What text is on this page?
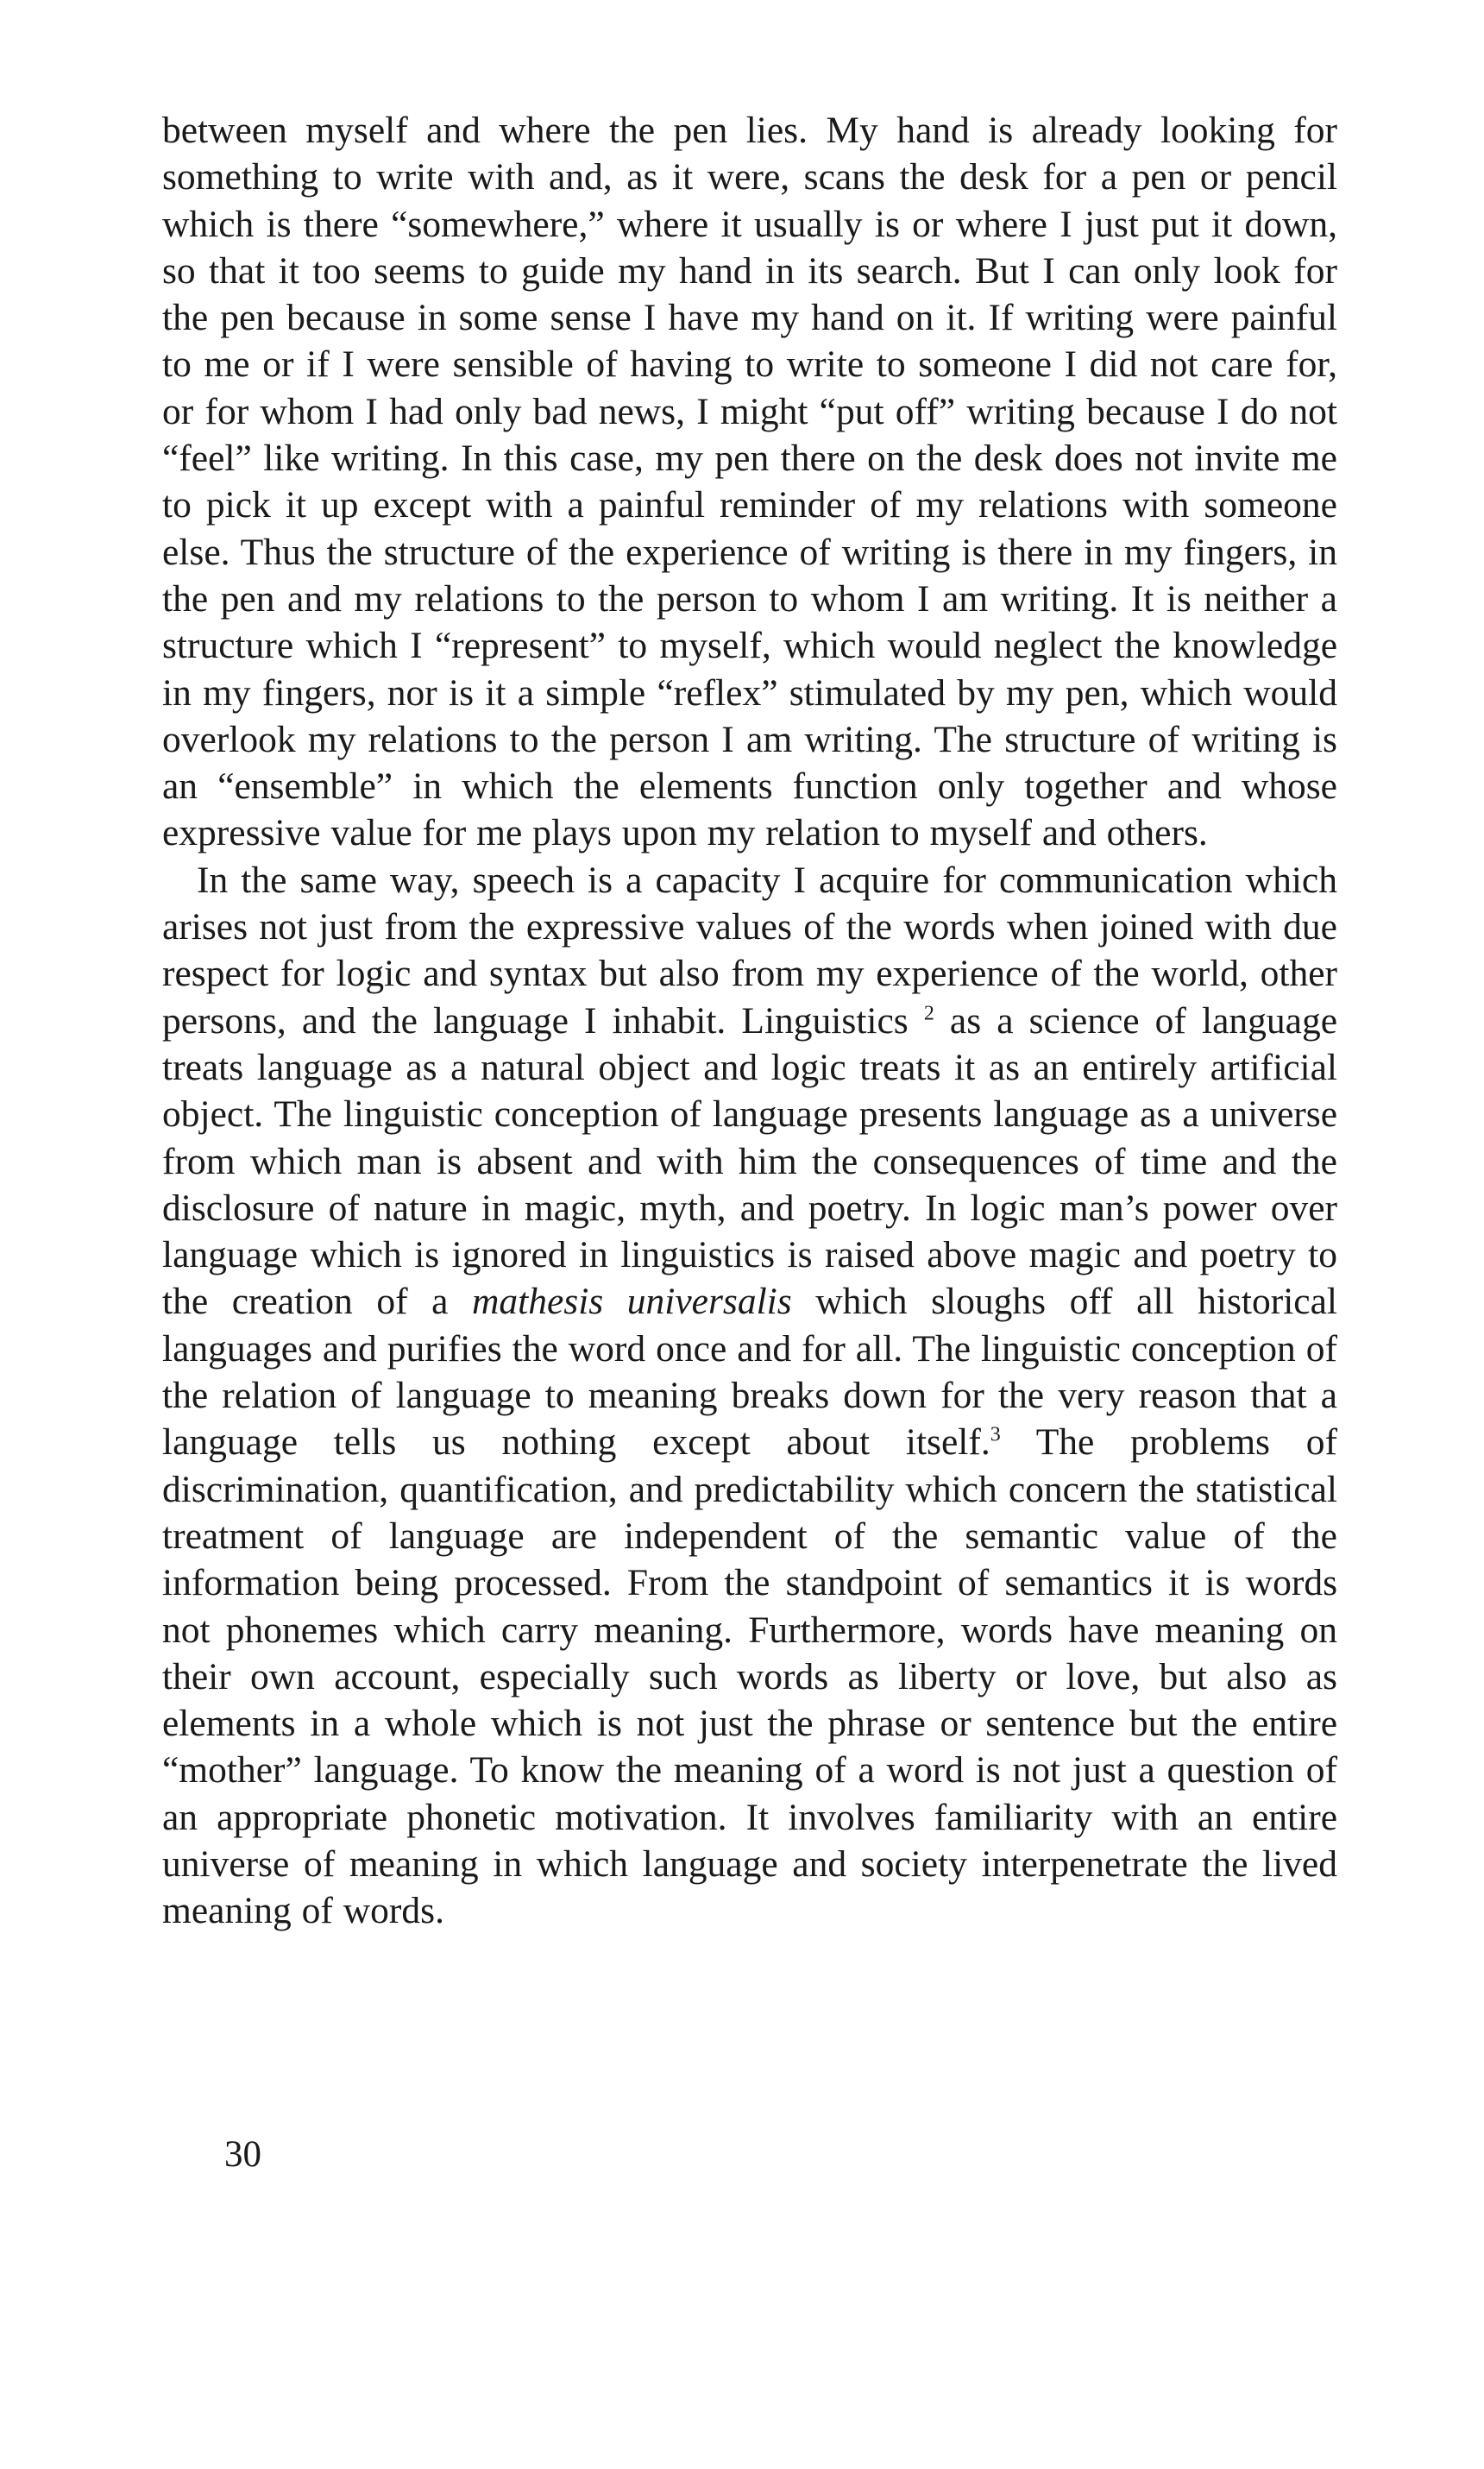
between myself and where the pen lies. My hand is already looking for something to write with and, as it were, scans the desk for a pen or pencil which is there “somewhere,” where it usually is or where I just put it down, so that it too seems to guide my hand in its search. But I can only look for the pen because in some sense I have my hand on it. If writing were painful to me or if I were sensible of having to write to someone I did not care for, or for whom I had only bad news, I might “put off” writing because I do not “feel” like writing. In this case, my pen there on the desk does not invite me to pick it up except with a painful reminder of my relations with someone else. Thus the structure of the experience of writing is there in my fingers, in the pen and my relations to the person to whom I am writing. It is neither a structure which I “represent” to myself, which would neglect the knowledge in my fingers, nor is it a simple “reflex” stimulated by my pen, which would overlook my relations to the person I am writing. The structure of writing is an “ensemble” in which the elements function only together and whose expressive value for me plays upon my relation to myself and others.

In the same way, speech is a capacity I acquire for communication which arises not just from the expressive values of the words when joined with due respect for logic and syntax but also from my experience of the world, other persons, and the language I inhabit. Linguistics $^2$ as a science of language treats language as a natural object and logic treats it as an entirely artificial object. The linguistic conception of language presents language as a universe from which man is absent and with him the consequences of time and the disclosure of nature in magic, myth, and poetry. In logic man’s power over language which is ignored in linguistics is raised above magic and poetry to the creation of a mathesis universalis which sloughs off all historical languages and purifies the word once and for all. The linguistic conception of the relation of language to meaning breaks down for the very reason that a language tells us nothing except about itself.$^3$ The problems of discrimination, quantification, and predictability which concern the statistical treatment of language are independent of the semantic value of the information being processed. From the standpoint of semantics it is words not phonemes which carry meaning. Furthermore, words have meaning on their own account, especially such words as liberty or love, but also as elements in a whole which is not just the phrase or sentence but the entire “mother” language. To know the meaning of a word is not just a question of an appropriate phonetic motivation. It involves familiarity with an entire universe of meaning in which language and society interpenetrate the lived meaning of words.

30
